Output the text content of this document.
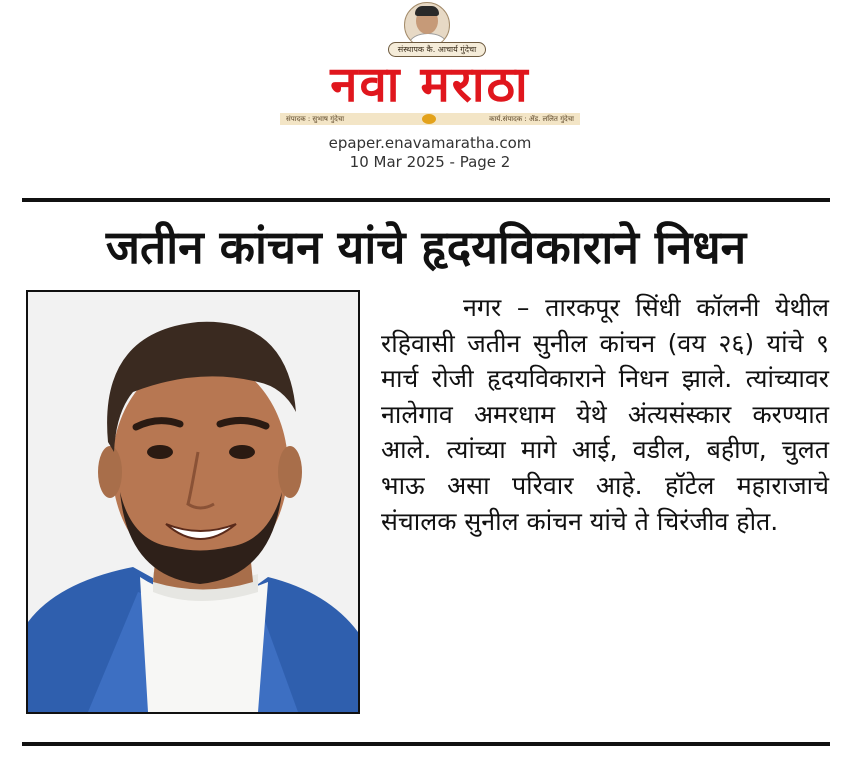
संस्थापक कै. आचार्य गुंदेचा
नवा मराठा
संपादक : सुभाष गुंदेचा	कार्य.संपादक : ॲड. ललित गुंदेचा
epaper.enavamaratha.com
10 Mar 2025 - Page 2
जतीन कांचन यांचे हृदयविकाराने निधन

नगर – तारकपूर सिंधी कॉलनी येथील रहिवासी जतीन सुनील कांचन (वय २६) यांचे ९ मार्च रोजी हृदयविकाराने निधन झाले. त्यांच्यावर नालेगाव अमरधाम येथे अंत्यसंस्कार करण्यात आले. त्यांच्या मागे आई, वडील, बहीण, चुलत भाऊ असा परिवार आहे. हॉटेल महाराजाचे संचालक सुनील कांचन यांचे ते चिरंजीव होत.
